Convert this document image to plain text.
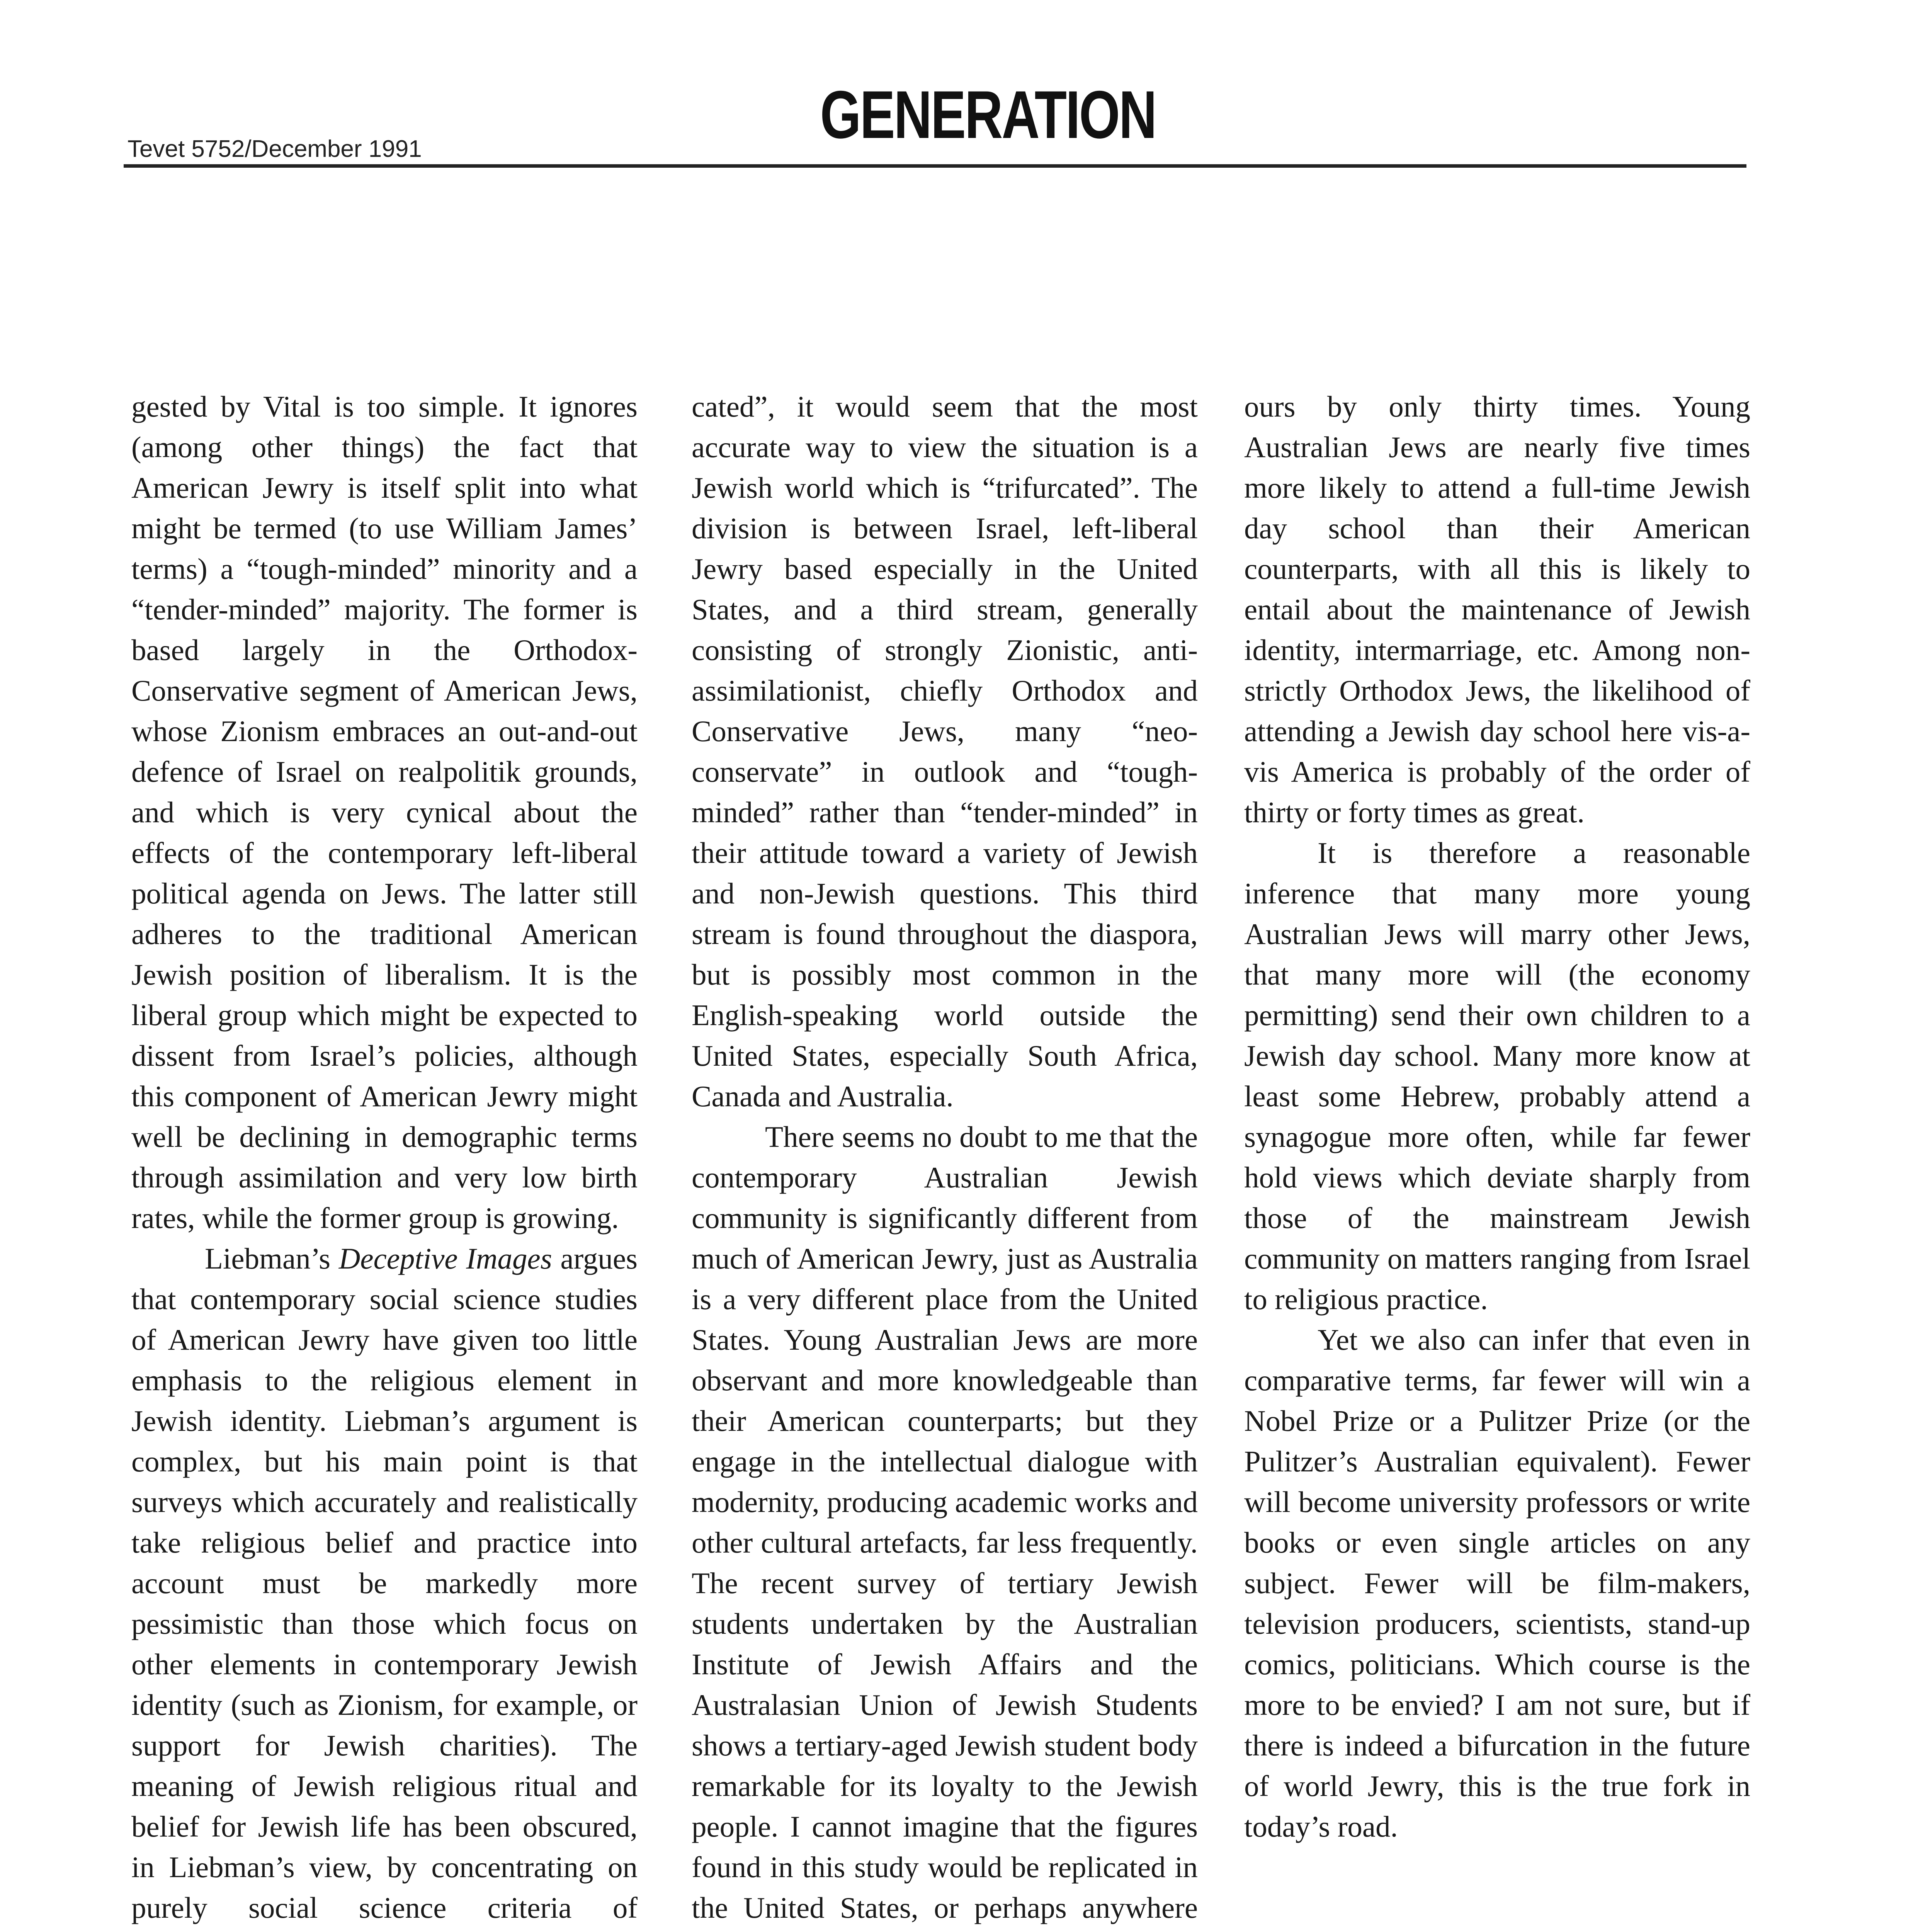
Tevet 5752/December 1991	GENERATION

gested by Vital is too simple. It ignores (among other things) the fact that American Jewry is itself split into what might be termed (to use William James’ terms) a “tough-minded” minority and a “tender-minded” majority. The former is based largely in the Orthodox-Conservative segment of American Jews, whose Zionism embraces an out-and-out defence of Israel on realpolitik grounds, and which is very cynical about the effects of the contemporary left-liberal political agenda on Jews. The latter still adheres to the traditional American Jewish position of liberalism. It is the liberal group which might be expected to dissent from Israel’s policies, although this component of American Jewry might well be declining in demographic terms through assimilation and very low birth rates, while the former group is growing.

Liebman’s Deceptive Images argues that contemporary social science studies of American Jewry have given too little emphasis to the religious element in Jewish identity. Liebman’s argument is complex, but his main point is that surveys which accurately and realistically take religious belief and practice into account must be markedly more pessimistic than those which focus on other elements in contemporary Jewish identity (such as Zionism, for example, or support for Jewish charities). The meaning of Jewish religious ritual and belief for Jewish life has been obscured, in Liebman’s view, by concentrating on purely social science criteria of

cated”, it would seem that the most accurate way to view the situation is a Jewish world which is “trifurcated”. The division is between Israel, left-liberal Jewry based especially in the United States, and a third stream, generally consisting of strongly Zionistic, anti-assimilationist, chiefly Orthodox and Conservative Jews, many “neo-conservate” in outlook and “tough-minded” rather than “tender-minded” in their attitude toward a variety of Jewish and non-Jewish questions. This third stream is found throughout the diaspora, but is possibly most common in the English-speaking world outside the United States, especially South Africa, Canada and Australia.

There seems no doubt to me that the contemporary Australian Jewish community is significantly different from much of American Jewry, just as Australia is a very different place from the United States. Young Australian Jews are more observant and more knowledgeable than their American counterparts; but they engage in the intellectual dialogue with modernity, producing academic works and other cultural artefacts, far less frequently. The recent survey of tertiary Jewish students undertaken by the Australian Institute of Jewish Affairs and the Australasian Union of Jewish Students shows a tertiary-aged Jewish student body remarkable for its loyalty to the Jewish people. I cannot imagine that the figures found in this study would be replicated in the United States, or perhaps anywhere

ours by only thirty times. Young Australian Jews are nearly five times more likely to attend a full-time Jewish day school than their American counterparts, with all this is likely to entail about the maintenance of Jewish identity, intermarriage, etc. Among non-strictly Orthodox Jews, the likelihood of attending a Jewish day school here vis-a-vis America is probably of the order of thirty or forty times as great.

It is therefore a reasonable inference that many more young Australian Jews will marry other Jews, that many more will (the economy permitting) send their own children to a Jewish day school. Many more know at least some Hebrew, probably attend a synagogue more often, while far fewer hold views which deviate sharply from those of the mainstream Jewish community on matters ranging from Israel to religious practice.

Yet we also can infer that even in comparative terms, far fewer will win a Nobel Prize or a Pulitzer Prize (or the Pulitzer’s Australian equivalent). Fewer will become university professors or write books or even single articles on any subject. Fewer will be film-makers, television producers, scientists, stand-up comics, politicians. Which course is the more to be envied? I am not sure, but if there is indeed a bifurcation in the future of world Jewry, this is the true fork in today’s road.
